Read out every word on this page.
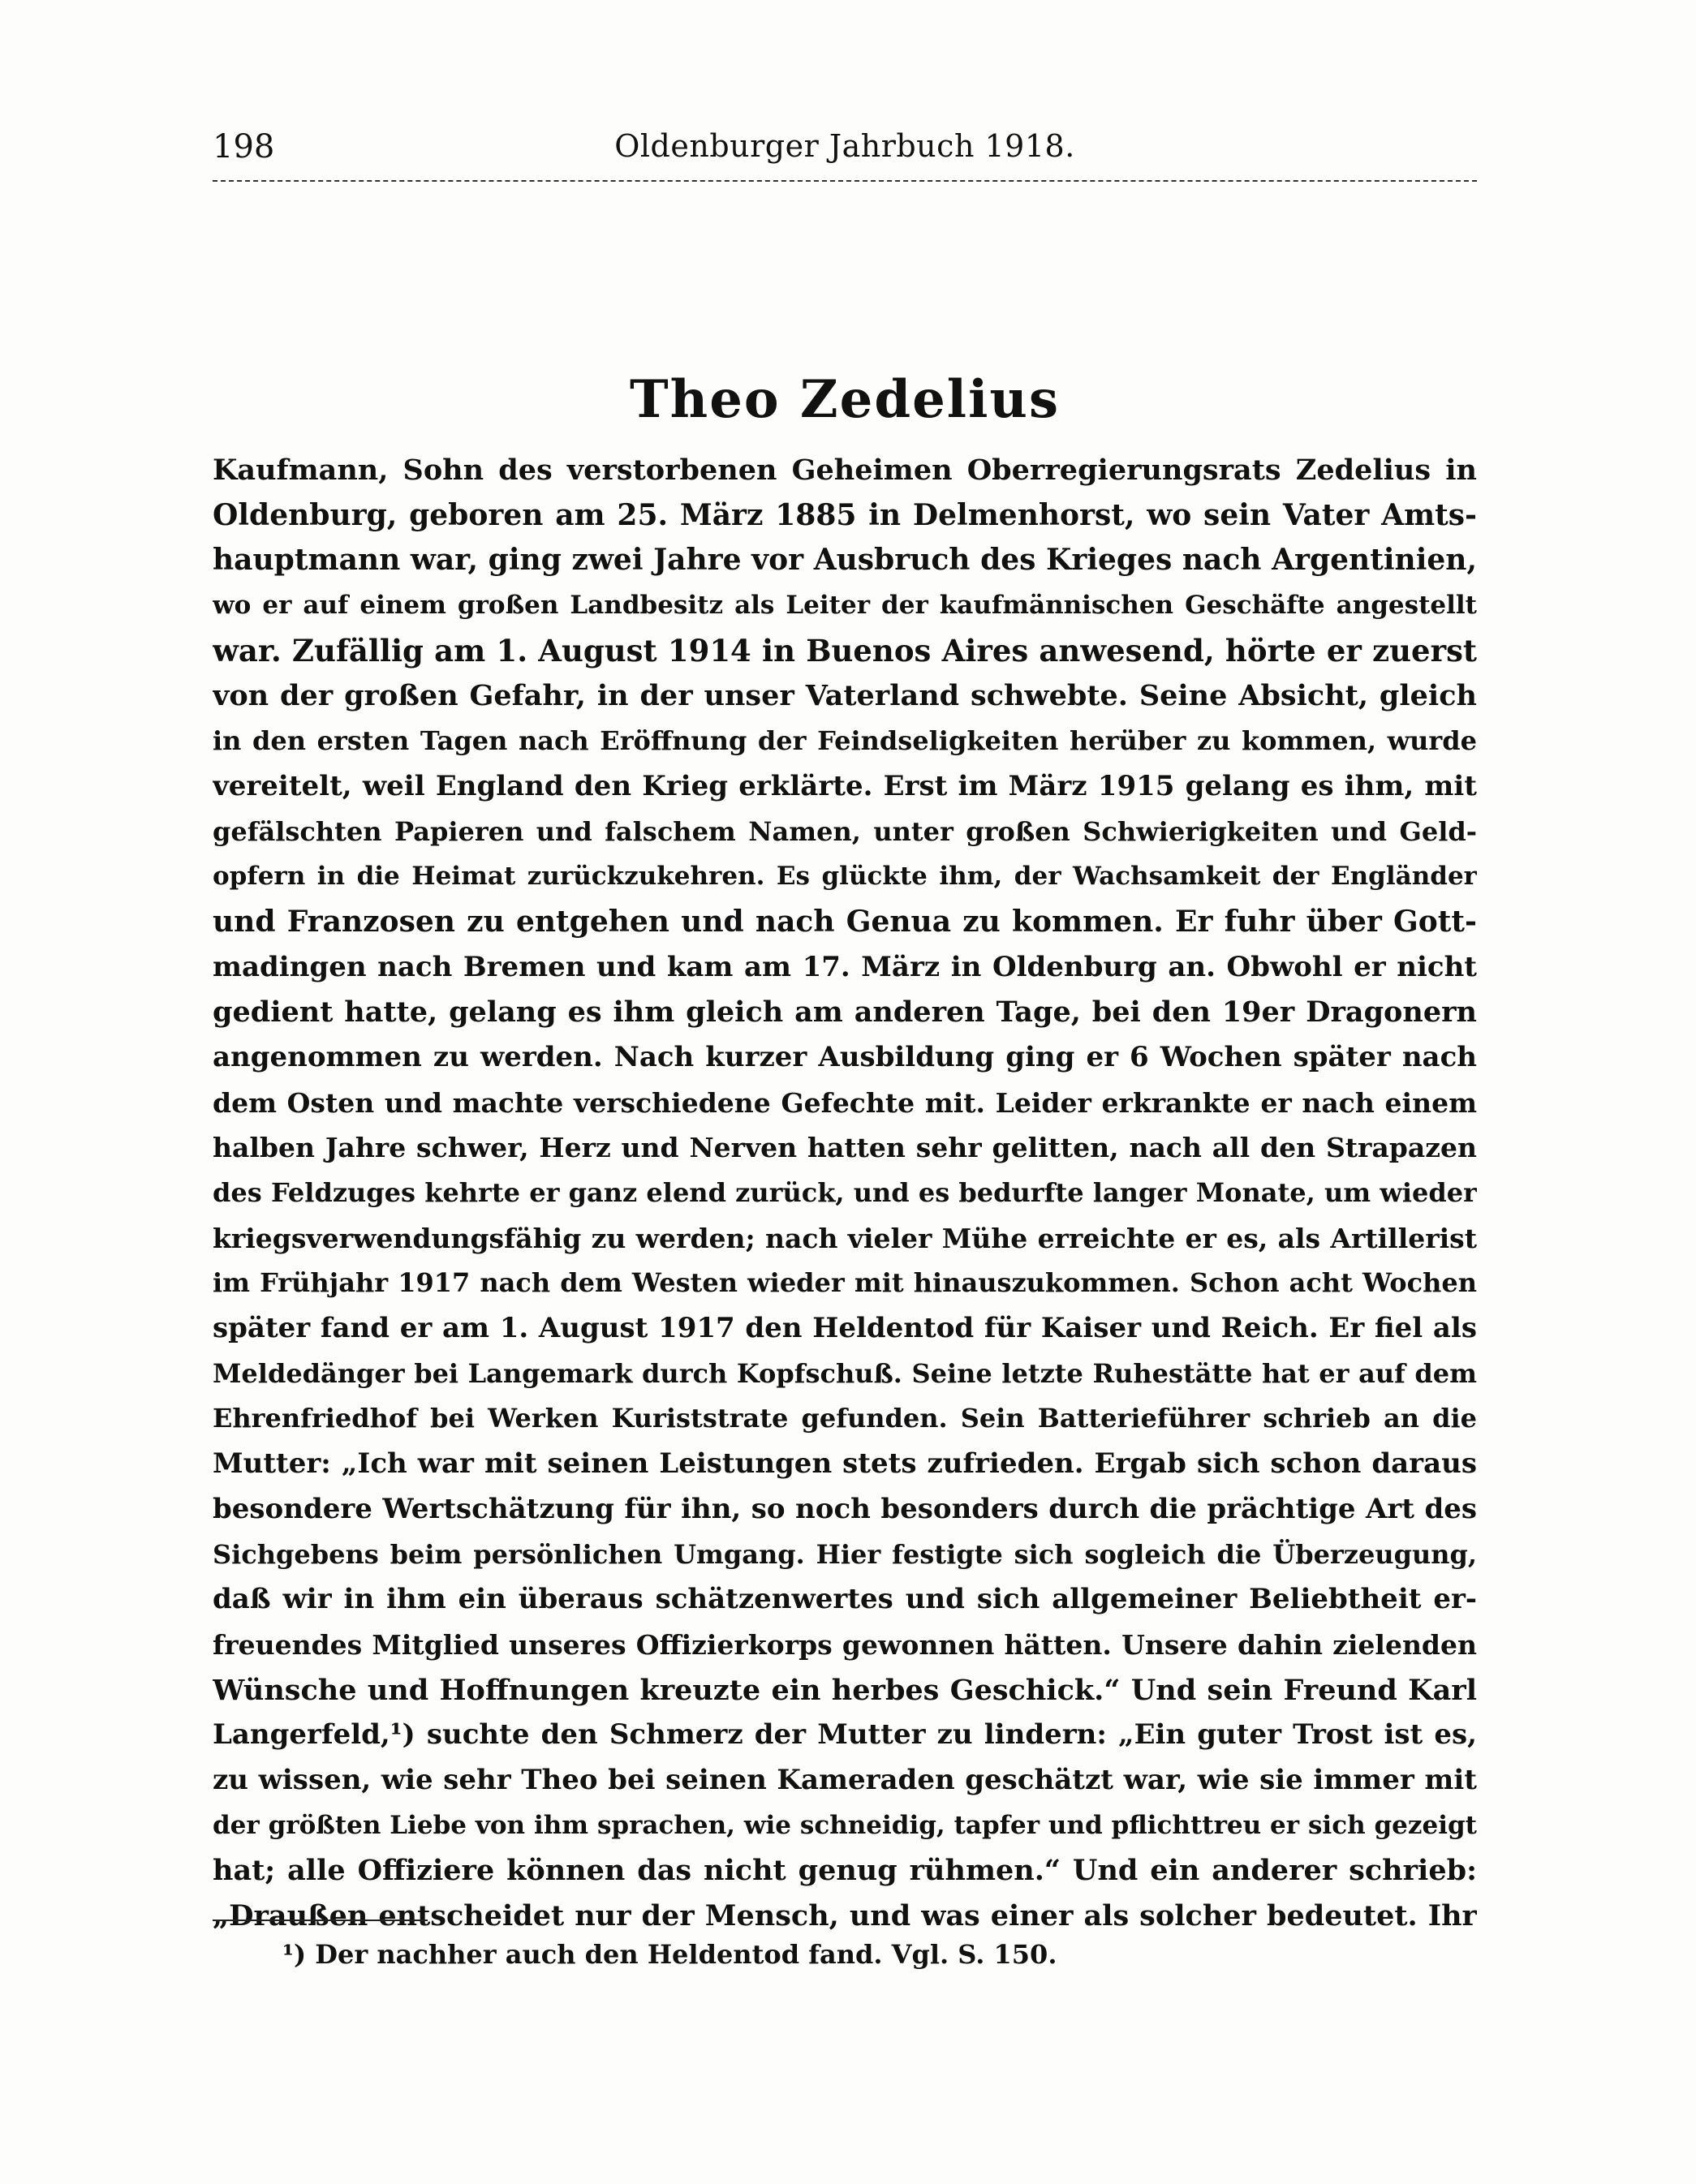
198	Oldenburger Jahrbuch 1918.
Theo Zedelius
Kaufmann, Sohn des verstorbenen Geheimen Oberregierungsrats Zedelius in
Oldenburg, geboren am 25. März 1885 in Delmenhorst, wo sein Vater Amts-
hauptmann war, ging zwei Jahre vor Ausbruch des Krieges nach Argentinien,
wo er auf einem großen Landbesitz als Leiter der kaufmännischen Geschäfte angestellt
war. Zufällig am 1. August 1914 in Buenos Aires anwesend, hörte er zuerst
von der großen Gefahr, in der unser Vaterland schwebte. Seine Absicht, gleich
in den ersten Tagen nach Eröffnung der Feindseligkeiten herüber zu kommen, wurde
vereitelt, weil England den Krieg erklärte. Erst im März 1915 gelang es ihm, mit
gefälschten Papieren und falschem Namen, unter großen Schwierigkeiten und Geld-
opfern in die Heimat zurückzukehren. Es glückte ihm, der Wachsamkeit der Engländer
und Franzosen zu entgehen und nach Genua zu kommen. Er fuhr über Gott-
madingen nach Bremen und kam am 17. März in Oldenburg an. Obwohl er nicht
gedient hatte, gelang es ihm gleich am anderen Tage, bei den 19er Dragonern
angenommen zu werden. Nach kurzer Ausbildung ging er 6 Wochen später nach
dem Osten und machte verschiedene Gefechte mit. Leider erkrankte er nach einem
halben Jahre schwer, Herz und Nerven hatten sehr gelitten, nach all den Strapazen
des Feldzuges kehrte er ganz elend zurück, und es bedurfte langer Monate, um wieder
kriegsverwendungsfähig zu werden; nach vieler Mühe erreichte er es, als Artillerist
im Frühjahr 1917 nach dem Westen wieder mit hinauszukommen. Schon acht Wochen
später fand er am 1. August 1917 den Heldentod für Kaiser und Reich. Er fiel als
Meldedänger bei Langemark durch Kopfschuß. Seine letzte Ruhestätte hat er auf dem
Ehrenfriedhof bei Werken Kuriststrate gefunden. Sein Batterieführer schrieb an die
Mutter: „Ich war mit seinen Leistungen stets zufrieden. Ergab sich schon daraus
besondere Wertschätzung für ihn, so noch besonders durch die prächtige Art des
Sichgebens beim persönlichen Umgang. Hier festigte sich sogleich die Überzeugung,
daß wir in ihm ein überaus schätzenwertes und sich allgemeiner Beliebtheit er-
freuendes Mitglied unseres Offizierkorps gewonnen hätten. Unsere dahin zielenden
Wünsche und Hoffnungen kreuzte ein herbes Geschick.“ Und sein Freund Karl
Langerfeld,¹) suchte den Schmerz der Mutter zu lindern: „Ein guter Trost ist es,
zu wissen, wie sehr Theo bei seinen Kameraden geschätzt war, wie sie immer mit
der größten Liebe von ihm sprachen, wie schneidig, tapfer und pflichttreu er sich gezeigt
hat; alle Offiziere können das nicht genug rühmen.“ Und ein anderer schrieb:
„Draußen entscheidet nur der Mensch, und was einer als solcher bedeutet. Ihr
¹) Der nachher auch den Heldentod fand. Vgl. S. 150.
